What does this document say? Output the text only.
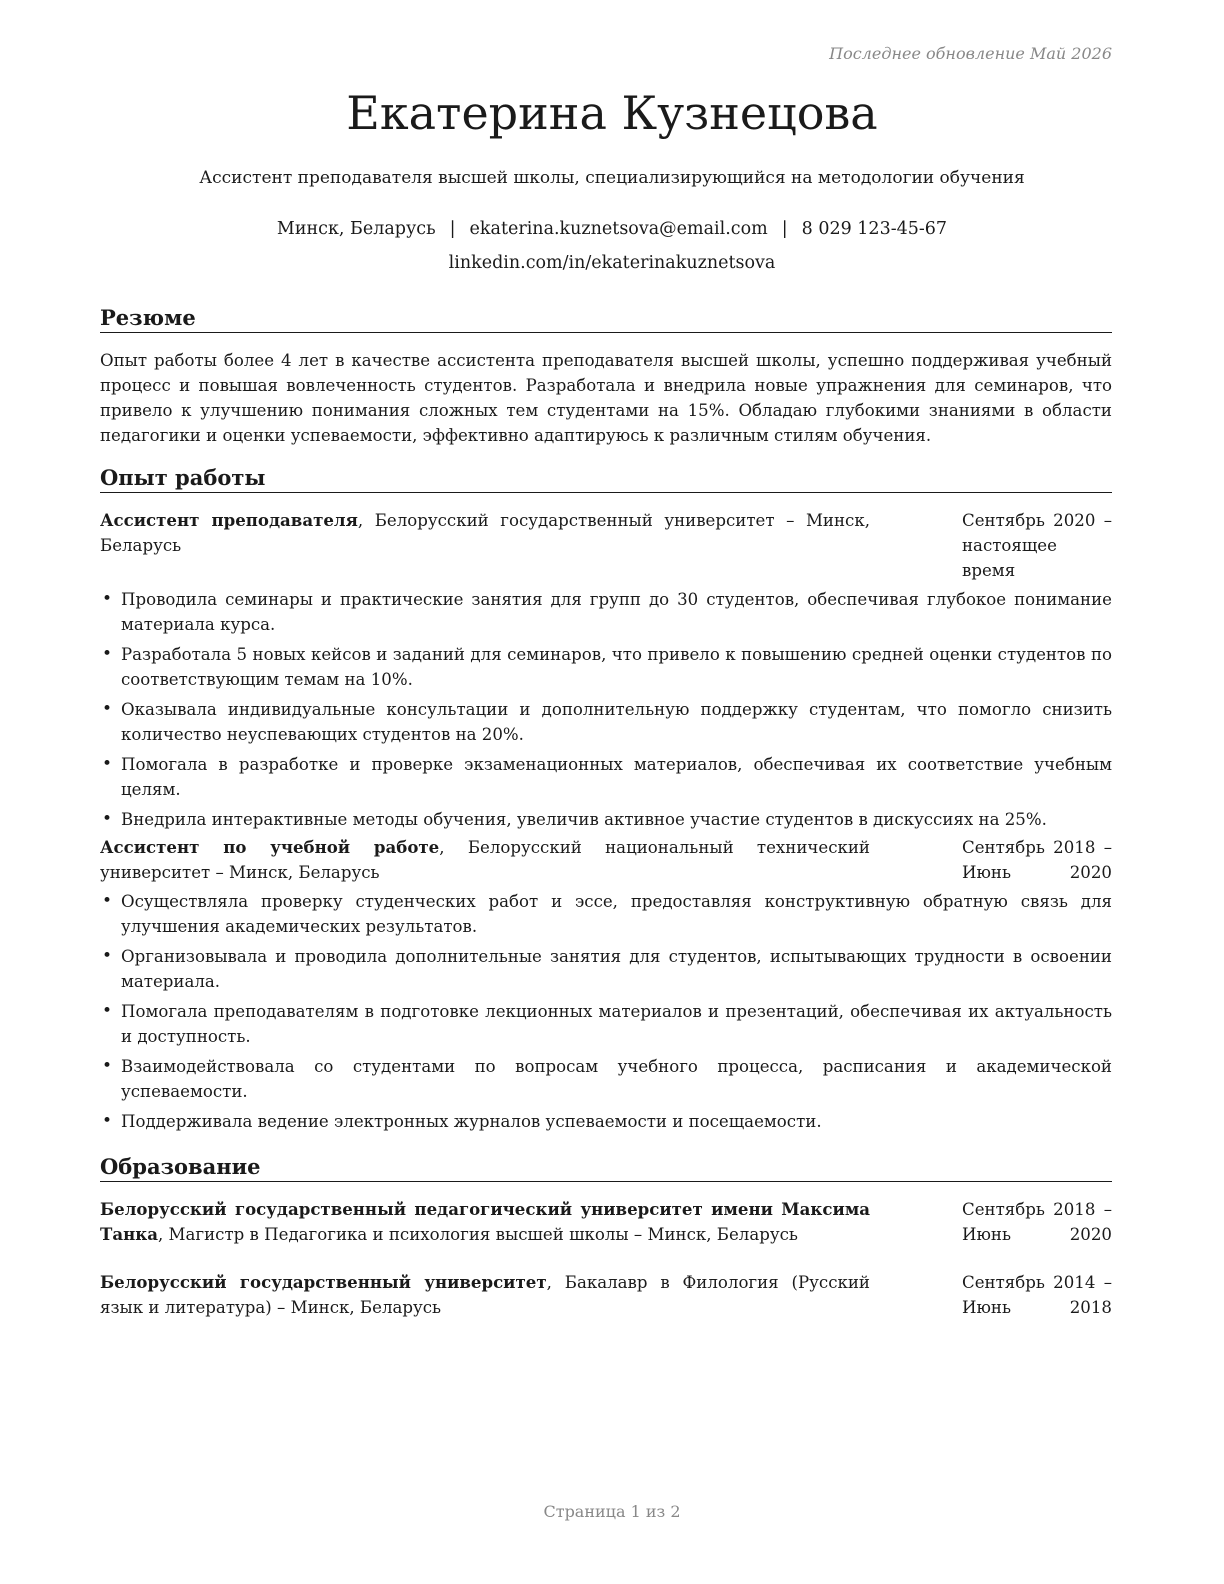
Последнее обновление Май 2026
Екатерина Кузнецова
Ассистент преподавателя высшей школы, специализирующийся на методологии обучения
Минск, Беларусь | ekaterina.kuznetsova@email.com | 8 029 123-45-67
linkedin.com/in/ekaterinakuznetsova
Резюме
Опыт работы более 4 лет в качестве ассистента преподавателя высшей школы, успешно поддерживая учебный процесс и повышая вовлеченность студентов. Разработала и внедрила новые упражнения для семинаров, что привело к улучшению понимания сложных тем студентами на 15%. Обладаю глубокими знаниями в области педагогики и оценки успеваемости, эффективно адаптируюсь к различным стилям обучения.
Опыт работы
Ассистент преподавателя, Белорусский государственный университет – Минск, Беларусь
Сентябрь 2020 – настоящее время
• Проводила семинары и практические занятия для групп до 30 студентов, обеспечивая глубокое понимание материала курса.
• Разработала 5 новых кейсов и заданий для семинаров, что привело к повышению средней оценки студентов по соответствующим темам на 10%.
• Оказывала индивидуальные консультации и дополнительную поддержку студентам, что помогло снизить количество неуспевающих студентов на 20%.
• Помогала в разработке и проверке экзаменационных материалов, обеспечивая их соответствие учебным целям.
• Внедрила интерактивные методы обучения, увеличив активное участие студентов в дискуссиях на 25%.
Ассистент по учебной работе, Белорусский национальный технический университет – Минск, Беларусь
Сентябрь 2018 – Июнь 2020
• Осуществляла проверку студенческих работ и эссе, предоставляя конструктивную обратную связь для улучшения академических результатов.
• Организовывала и проводила дополнительные занятия для студентов, испытывающих трудности в освоении материала.
• Помогала преподавателям в подготовке лекционных материалов и презентаций, обеспечивая их актуальность и доступность.
• Взаимодействовала со студентами по вопросам учебного процесса, расписания и академической успеваемости.
• Поддерживала ведение электронных журналов успеваемости и посещаемости.
Образование
Белорусский государственный педагогический университет имени Максима Танка, Магистр в Педагогика и психология высшей школы – Минск, Беларусь
Сентябрь 2018 – Июнь 2020
Белорусский государственный университет, Бакалавр в Филология (Русский язык и литература) – Минск, Беларусь
Сентябрь 2014 – Июнь 2018
Страница 1 из 2
